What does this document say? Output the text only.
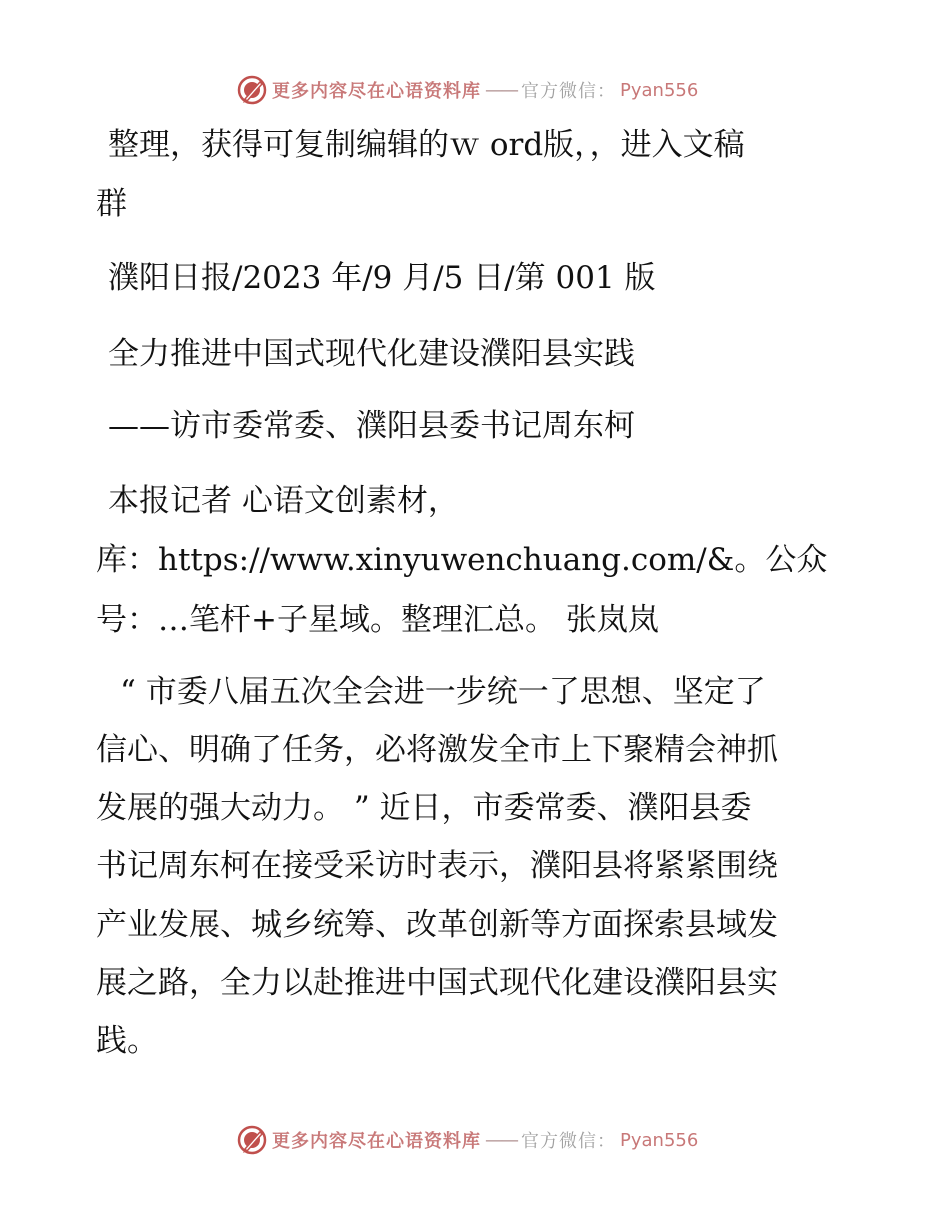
更多内容尽在心语资料库 —— 官方微信： Pyan556
整理，获得可复制编辑的ｗ ord版，，进入文稿
群
濮阳日报/2023 年/9 月/5 日/第 001 版
全力推进中国式现代化建设濮阳县实践
——访市委常委、濮阳县委书记周东柯
本报记者 心语文创素材，
库：https://www.xinyuwenchuang.com/&。公众
号：…笔杆+子星域。整理汇总。 张岚岚
“ 市委八届五次全会进一步统一了思想、坚定了
信心、明确了任务，必将激发全市上下聚精会神抓
发展的强大动力。 ” 近日，市委常委、濮阳县委
书记周东柯在接受采访时表示，濮阳县将紧紧围绕
产业发展、城乡统筹、改革创新等方面探索县域发
展之路，全力以赴推进中国式现代化建设濮阳县实
践。
更多内容尽在心语资料库 —— 官方微信： Pyan556
